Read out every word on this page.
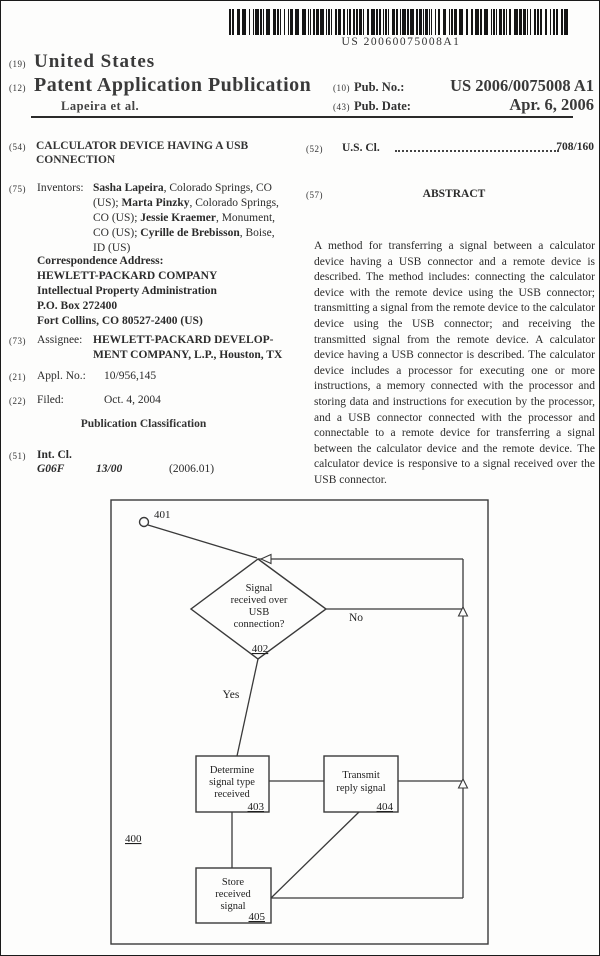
US 20060075008A1
(19) United States
(12) Patent Application Publication
Lapeira et al.
(10) Pub. No.:	US 2006/0075008 A1
(43) Pub. Date:	Apr. 6, 2006
(54) CALCULATOR DEVICE HAVING A USB
CONNECTION
(75) Inventors: Sasha Lapeira, Colorado Springs, CO
(US); Marta Pinzky, Colorado Springs,
CO (US); Jessie Kraemer, Monument,
CO (US); Cyrille de Brebisson, Boise,
ID (US)
Correspondence Address:
HEWLETT-PACKARD COMPANY
Intellectual Property Administration
P.O. Box 272400
Fort Collins, CO 80527-2400 (US)
(73) Assignee: HEWLETT-PACKARD DEVELOP-
MENT COMPANY, L.P., Houston, TX
(21) Appl. No.: 10/956,145
(22) Filed:	Oct. 4, 2004
Publication Classification
(51) Int. Cl.
G06F	13/00	(2006.01)
(52) U.S. Cl.	708/160
(57)	ABSTRACT
A method for transferring a signal between a calculator device having a USB connector and a remote device is described. The method includes: connecting the calculator device with the remote device using the USB connector; transmitting a signal from the remote device to the calculator device using the USB connector; and receiving the transmitted signal from the remote device. A calculator device having a USB connector is described. The calculator device includes a processor for executing one or more instructions, a memory connected with the processor and storing data and instructions for execution by the processor, and a USB connector connected with the processor and connectable to a remote device for transferring a signal between the calculator device and the remote device. The calculator device is responsive to a signal received over the USB connector.
401
Signal
received over
USB
connection?
402
No
Yes
Determine
signal type
received
403
Transmit
reply signal
404
Store
received
signal
405
400
